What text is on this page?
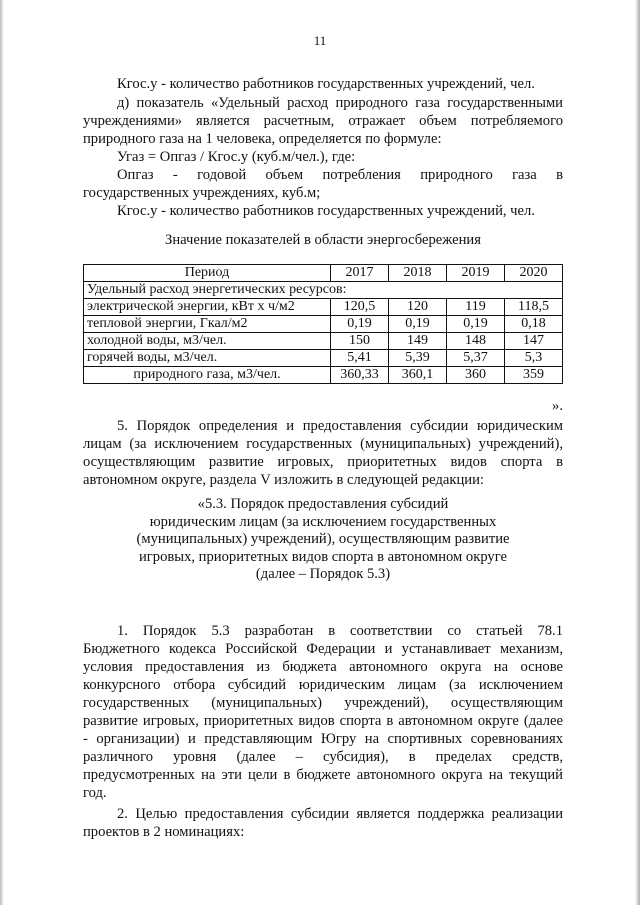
11

Кгос.у - количество работников государственных учреждений, чел.

д) показатель «Удельный расход природного газа государственными

учреждениями» является расчетным, отражает объем потребляемого

природного газа на 1 человека, определяется по формуле:

Угаз = Опгаз / Кгос.у (куб.м/чел.), где:

Опгаз - годовой объем потребления природного газа в

государственных учреждениях, куб.м;

Кгос.у - количество работников государственных учреждений, чел.

Значение показателей в области энергосбережения
Период	2017	2018	2019	2020
Удельный расход энергетических ресурсов:				
электрической энергии, кВт х ч/м2	120,5	120	119	118,5
тепловой энергии, Гкал/м2	0,19	0,19	0,19	0,18
холодной воды, м3/чел.	150	149	148	147
горячей воды, м3/чел.	5,41	5,39	5,37	5,3
природного газа, м3/чел.	360,33	360,1	360	359
».

5. Порядок определения и предоставления субсидии юридическим

лицам (за исключением государственных (муниципальных) учреждений),

осуществляющим развитие игровых, приоритетных видов спорта в

автономном округе, раздела V изложить в следующей редакции:

«5.3. Порядок предоставления субсидий
юридическим лицам (за исключением государственных
(муниципальных) учреждений), осуществляющим развитие
игровых, приоритетных видов спорта в автономном округе
(далее – Порядок 5.3)

1. Порядок 5.3 разработан в соответствии со статьей 78.1

Бюджетного кодекса Российской Федерации и устанавливает механизм,

условия предоставления из бюджета автономного округа на основе

конкурсного отбора субсидий юридическим лицам (за исключением

государственных (муниципальных) учреждений), осуществляющим

развитие игровых, приоритетных видов спорта в автономном округе (далее

- организации) и представляющим Югру на спортивных соревнованиях

различного уровня (далее – субсидия), в пределах средств,

предусмотренных на эти цели в бюджете автономного округа на текущий

год.

2. Целью предоставления субсидии является поддержка реализации

проектов в 2 номинациях:
